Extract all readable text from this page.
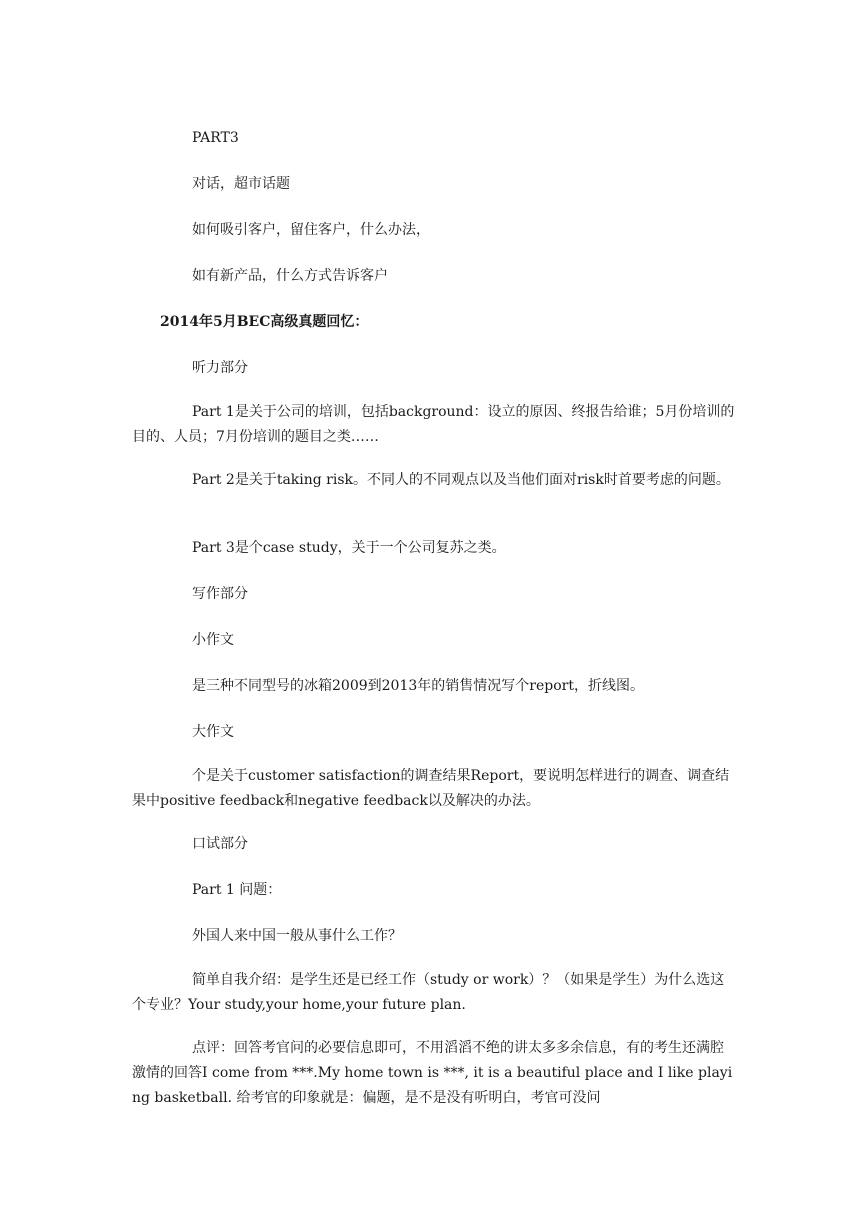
PART3

对话，超市话题

如何吸引客户，留住客户，什么办法，

如有新产品，什么方式告诉客户

2014年5月BEC高级真题回忆：

听力部分

Part 1是关于公司的培训，包括background：设立的原因、终报告给谁；5月份培训的目的、人员；7月份培训的题目之类……

Part 2是关于taking risk。不同人的不同观点以及当他们面对risk时首要考虑的问题。

Part 3是个case study，关于一个公司复苏之类。

写作部分

小作文

是三种不同型号的冰箱2009到2013年的销售情况写个report，折线图。

大作文

个是关于customer satisfaction的调查结果Report，要说明怎样进行的调查、调查结果中positive feedback和negative feedback以及解决的办法。

口试部分

Part 1 问题：

外国人来中国一般从事什么工作？

简单自我介绍：是学生还是已经工作（study or work）？（如果是学生）为什么选这个专业？Your study,your home,your future plan.

点评：回答考官问的必要信息即可，不用滔滔不绝的讲太多多余信息，有的考生还满腔激情的回答I come from ***.My home town is ***, it is a beautiful place and I like playing basketball. 给考官的印象就是：偏题，是不是没有听明白，考官可没问
